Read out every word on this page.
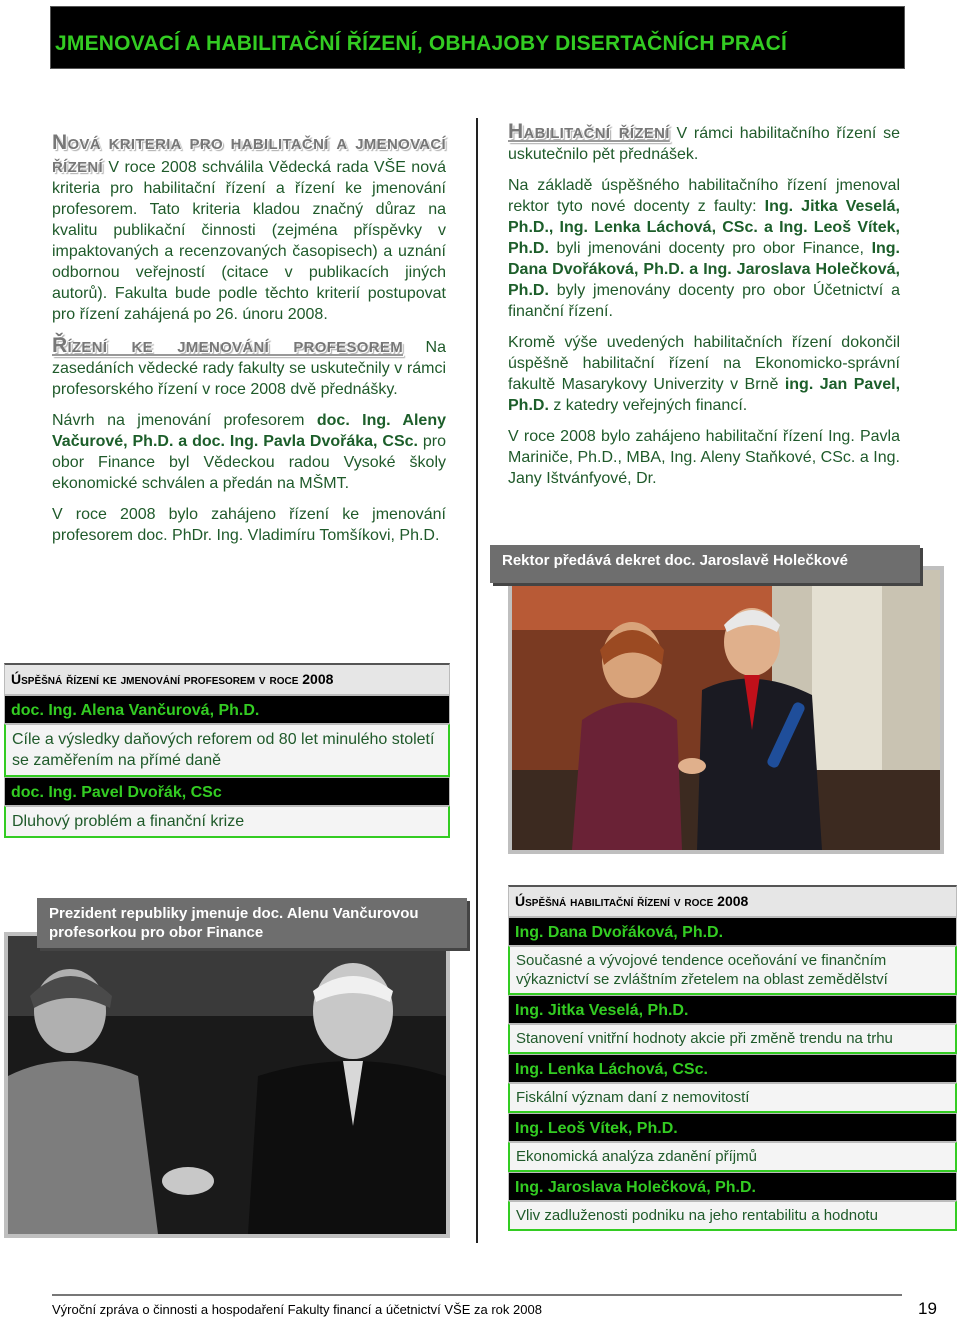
JMENOVACÍ A HABILITAČNÍ ŘÍZENÍ, OBHAJOBY DISERTAČNÍCH PRACÍ

Nová kriteria pro habilitační a jmenovací řízení V roce 2008 schválila Vědecká rada VŠE nová kriteria pro habilitační řízení a řízení ke jmenování profesorem. Tato kriteria kladou značný důraz na kvalitu publikační činnosti (zejména příspěvky v impaktovaných a recenzovaných časopisech) a uznání odbornou veřejností (citace v publikacích jiných autorů). Fakulta bude podle těchto kriterií postupovat pro řízení zahájená po 26. únoru 2008.

Řízení ke jmenování profesorem Na zasedáních vědecké rady fakulty se uskutečnily v rámci profesorského řízení v roce 2008 dvě přednášky.

Návrh na jmenování profesorem doc. Ing. Aleny Vačurové, Ph.D. a doc. Ing. Pavla Dvořáka, CSc. pro obor Finance byl Vědeckou radou Vysoké školy ekonomické schválen a předán na MŠMT.

V roce 2008 bylo zahájeno řízení ke jmenování profesorem doc. PhDr. Ing. Vladimíru Tomšíkovi, Ph.D.

Habilitační řízení V rámci habilitačního řízení se uskutečnilo pět přednášek.

Na základě úspěšného habilitačního řízení jmenoval rektor tyto nové docenty z faulty: Ing. Jitka Veselá, Ph.D., Ing. Lenka Láchová, CSc. a Ing. Leoš Vítek, Ph.D. byli jmenováni docenty pro obor Finance, Ing. Dana Dvořáková, Ph.D. a Ing. Jaroslava Holečková, Ph.D. byly jmenovány docenty pro obor Účetnictví a finanční řízení.

Kromě výše uvedených habilitačních řízení dokončil úspěšně habilitační řízení na Ekonomicko-správní fakultě Masarykovy Univerzity v Brně ing. Jan Pavel, Ph.D. z katedry veřejných financí.

V roce 2008 bylo zahájeno habilitační řízení Ing. Pavla Mariniče, Ph.D., MBA, Ing. Aleny Staňkové, CSc. a Ing. Jany Ištvánfyové, Dr.

Rektor předává dekret doc. Jaroslavě Holečkové
Prezident republiky jmenuje doc. Alenu Vančurovou profesorkou pro obor Finance
Úspěšná řízení ke jmenování profesorem v roce 2008
doc. Ing. Alena Vančurová, Ph.D.
Cíle a výsledky daňových reforem od 80 let minulého století se zaměřením na přímé daně
doc. Ing. Pavel Dvořák, CSc
Dluhový problém a finanční krize
Úspěšná habilitační řízení v roce 2008
Ing. Dana Dvořáková, Ph.D.
Současné a vývojové tendence oceňování ve finančním výkaznictví se zvláštním zřetelem na oblast zemědělství
Ing. Jitka Veselá, Ph.D.
Stanovení vnitřní hodnoty akcie při změně trendu na trhu
Ing. Lenka Láchová, CSc.
Fiskální význam daní z nemovitostí
Ing. Leoš Vítek, Ph.D.
Ekonomická analýza zdanění příjmů
Ing. Jaroslava Holečková, Ph.D.
Vliv zadluženosti podniku na jeho rentabilitu a hodnotu
Výroční zpráva o činnosti a hospodaření Fakulty financí a účetnictví VŠE za rok 2008	19
